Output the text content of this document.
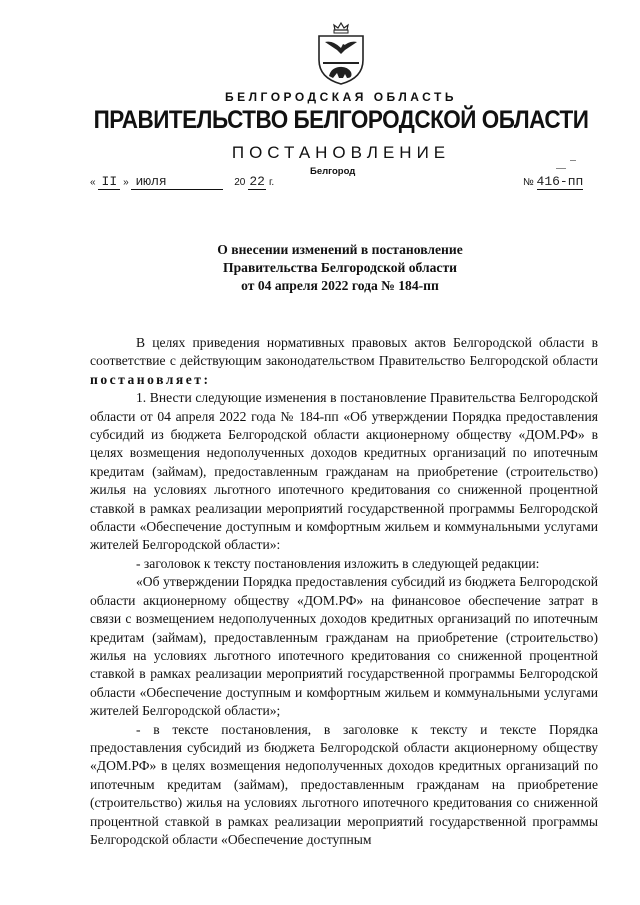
БЕЛГОРОДСКАЯ ОБЛАСТЬ
ПРАВИТЕЛЬСТВО БЕЛГОРОДСКОЙ ОБЛАСТИ
ПОСТАНОВЛЕНИЕ
Белгород
« II » июля	20 22 г.	№ 416-пп
О внесении изменений в постановление
Правительства Белгородской области
от 04 апреля 2022 года № 184-пп

В целях приведения нормативных правовых актов Белгородской области в соответствие с действующим законодательством Правительство Белгородской области постановляет:

1. Внести следующие изменения в постановление Правительства Белгородской области от 04 апреля 2022 года № 184-пп «Об утверждении Порядка предоставления субсидий из бюджета Белгородской области акционерному обществу «ДОМ.РФ» в целях возмещения недополученных доходов кредитных организаций по ипотечным кредитам (займам), предоставленным гражданам на приобретение (строительство) жилья на условиях льготного ипотечного кредитования со сниженной процентной ставкой в рамках реализации мероприятий государственной программы Белгородской области «Обеспечение доступным и комфортным жильем и коммунальными услугами жителей Белгородской области»:

- заголовок к тексту постановления изложить в следующей редакции:

«Об утверждении Порядка предоставления субсидий из бюджета Белгородской области акционерному обществу «ДОМ.РФ» на финансовое обеспечение затрат в связи с возмещением недополученных доходов кредитных организаций по ипотечным кредитам (займам), предоставленным гражданам на приобретение (строительство) жилья на условиях льготного ипотечного кредитования со сниженной процентной ставкой в рамках реализации мероприятий государственной программы Белгородской области «Обеспечение доступным и комфортным жильем и коммунальными услугами жителей Белгородской области»;

- в тексте постановления, в заголовке к тексту и тексте Порядка предоставления субсидий из бюджета Белгородской области акционерному обществу «ДОМ.РФ» в целях возмещения недополученных доходов кредитных организаций по ипотечным кредитам (займам), предоставленным гражданам на приобретение (строительство) жилья на условиях льготного ипотечного кредитования со сниженной процентной ставкой в рамках реализации мероприятий государственной программы Белгородской области «Обеспечение доступным
